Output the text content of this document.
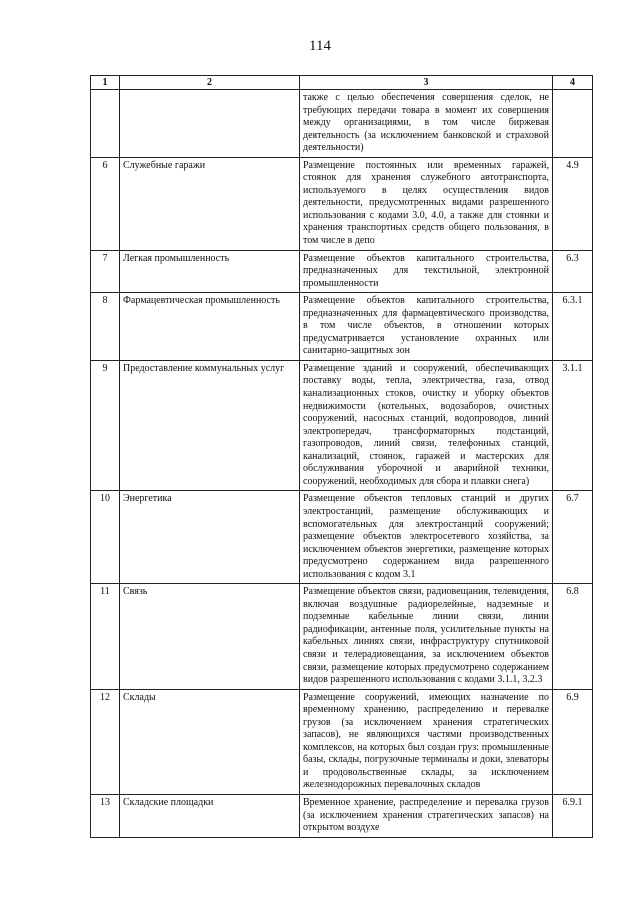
114
1	2	3	4
		также с целью обеспечения совершения сделок, не требующих передачи товара в момент их совершения между организациями, в том числе биржевая деятельность (за исключением банковской и страховой деятельности)	
6	Служебные гаражи	Размещение постоянных или временных гаражей, стоянок для хранения служебного автотранспорта, используемого в целях осуществления видов деятельности, предусмотренных видами разрешенного использования с кодами 3.0, 4.0, а также для стоянки и хранения транспортных средств общего пользования, в том числе в депо	4.9
7	Легкая промышленность	Размещение объектов капитального строительства, предназначенных для текстильной, электронной промышленности	6.3
8	Фармацевтическая промышленность	Размещение объектов капитального строительства, предназначенных для фармацевтического производства, в том числе объектов, в отношении которых предусматривается установление охранных или санитарно-защитных зон	6.3.1
9	Предоставление коммунальных услуг	Размещение зданий и сооружений, обеспечивающих поставку воды, тепла, электричества, газа, отвод канализационных стоков, очистку и уборку объектов недвижимости (котельных, водозаборов, очистных сооружений, насосных станций, водопроводов, линий электропередач, трансформаторных подстанций, газопроводов, линий связи, телефонных станций, канализаций, стоянок, гаражей и мастерских для обслуживания уборочной и аварийной техники, сооружений, необходимых для сбора и плавки снега)	3.1.1
10	Энергетика	Размещение объектов тепловых станций и других электростанций, размещение обслуживающих и вспомогательных для электростанций сооружений; размещение объектов электросетевого хозяйства, за исключением объектов энергетики, размещение которых предусмотрено содержанием вида разрешенного использования с кодом 3.1	6.7
11	Связь	Размещение объектов связи, радиовещания, телевидения, включая воздушные радиорелейные, надземные и подземные кабельные линии связи, линии радиофикации, антенные поля, усилительные пункты на кабельных линиях связи, инфраструктуру спутниковой связи и телерадиовещания, за исключением объектов связи, размещение которых предусмотрено содержанием видов разрешенного использования с кодами 3.1.1, 3.2.3	6.8
12	Склады	Размещение сооружений, имеющих назначение по временному хранению, распределению и перевалке грузов (за исключением хранения стратегических запасов), не являющихся частями производственных комплексов, на которых был создан груз: промышленные базы, склады, погрузочные терминалы и доки, элеваторы и продовольственные склады, за исключением железнодорожных перевалочных складов	6.9
13	Складские площадки	Временное хранение, распределение и перевалка грузов (за исключением хранения стратегических запасов) на открытом воздухе	6.9.1
